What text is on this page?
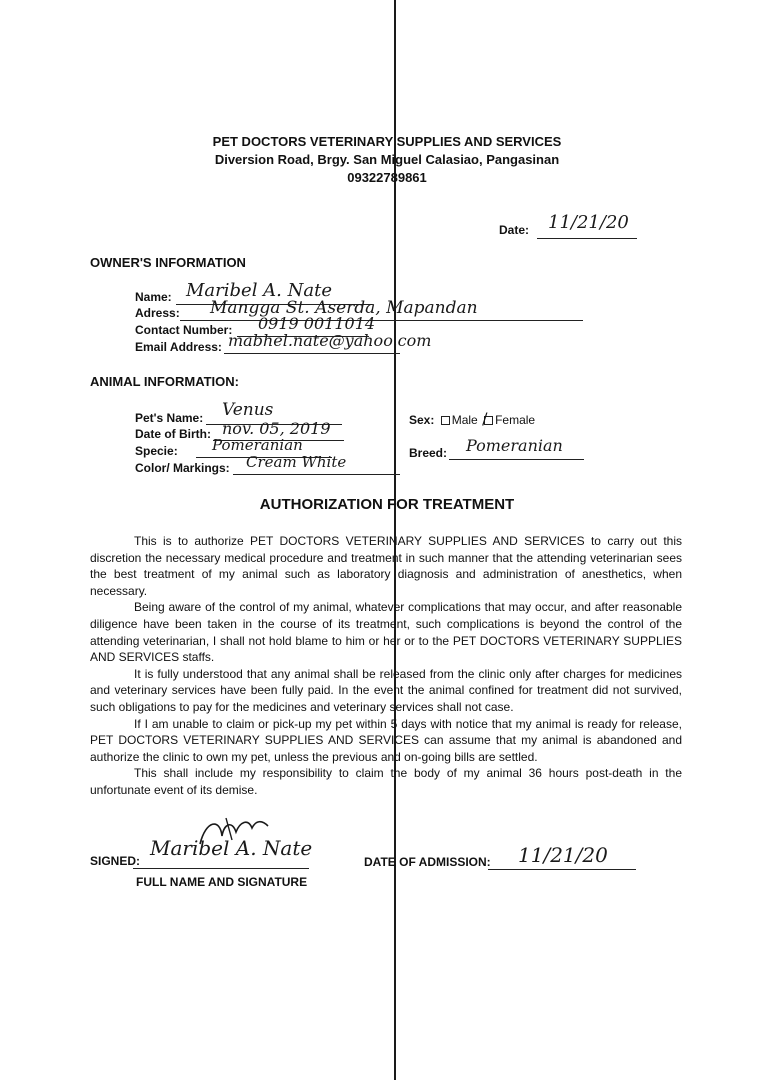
PET DOCTORS VETERINARY SUPPLIES AND SERVICES
Diversion Road, Brgy. San Miguel Calasiao, Pangasinan
09322789861
Date: 11/21/20
OWNER'S INFORMATION
Name: Maribel A. Nate
Adress: Mangga St. Aserda, Mapandan
Contact Number: 0919 0011014
Email Address: mabhel.nate@yahoo.com
ANIMAL INFORMATION:
Pet's Name: Venus
Date of Birth: nov. 05, 2019
Specie: Pomeranian
Color/ Markings: Cream White
Sex: Male / Female
Breed: Pomeranian
AUTHORIZATION FOR TREATMENT

This is to authorize PET DOCTORS VETERINARY SUPPLIES AND SERVICES to carry out this discretion the necessary medical procedure and treatment in such manner that the attending veterinarian sees the best treatment of my animal such as laboratory diagnosis and administration of anesthetics, when necessary.

Being aware of the control of my animal, whatever complications that may occur, and after reasonable diligence have been taken in the course of its treatment, such complications is beyond the control of the attending veterinarian, I shall not hold blame to him or her or to the PET DOCTORS VETERINARY SUPPLIES AND SERVICES staffs.

It is fully understood that any animal shall be released from the clinic only after charges for medicines and veterinary services have been fully paid. In the event the animal confined for treatment did not survived, such obligations to pay for the medicines and veterinary services shall not case.

If I am unable to claim or pick-up my pet within 5 days with notice that my animal is ready for release, PET DOCTORS VETERINARY SUPPLIES AND SERVICES can assume that my animal is abandoned and authorize the clinic to own my pet, unless the previous and on-going bills are settled.

This shall include my responsibility to claim the body of my animal 36 hours post-death in the unfortunate event of its demise.

SIGNED:
Maribel A. Nate
FULL NAME AND SIGNATURE
DATE OF ADMISSION: 11/21/20
